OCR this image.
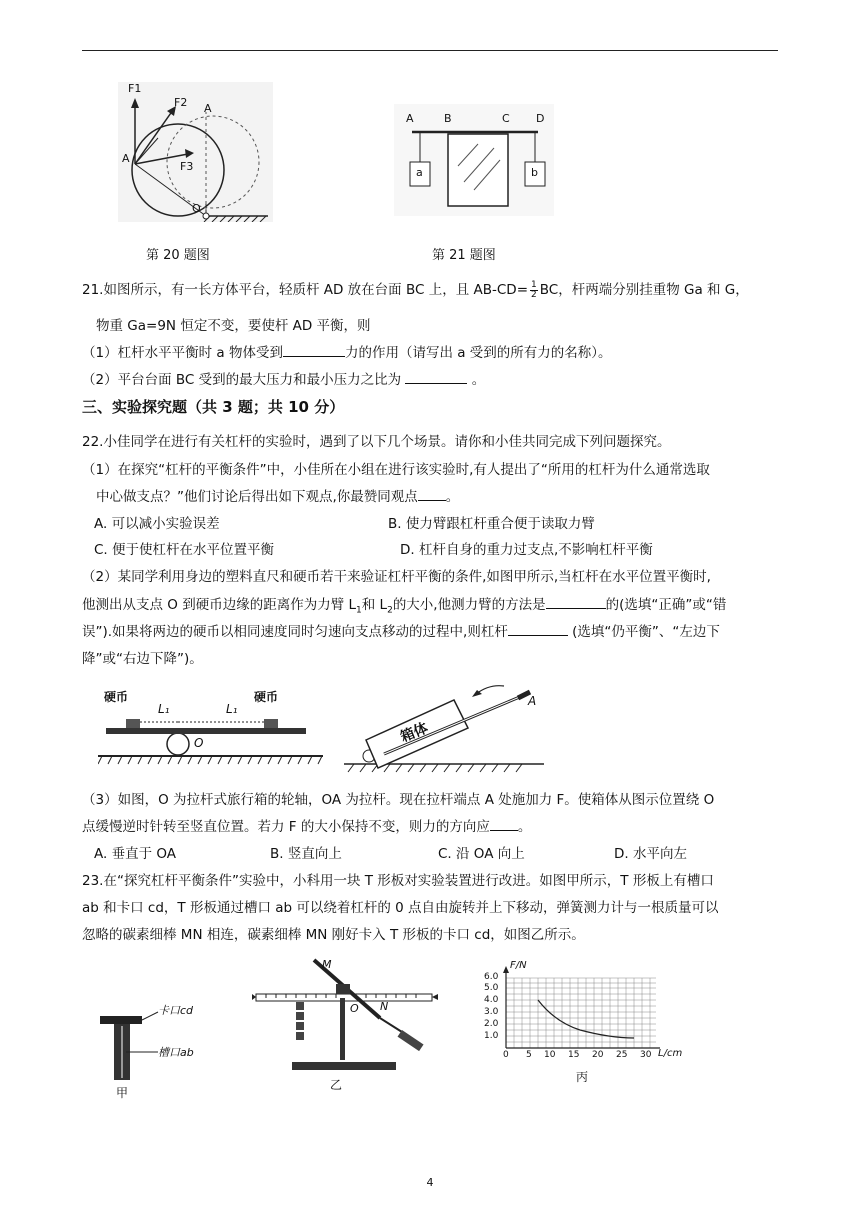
F1
F2
F3
A
A
O
第 20 题图
A	B	C D
a	b
第 21 题图
21.如图所示，有一长方体平台，轻质杆 AD 放在台面 BC 上，且 $AB-CD= \frac{1}{2}$ BC，杆两端分别挂重物 Ga 和 G，
物重 Ga=9N 恒定不变，要使杆 AD 平衡，则
（1）杠杆水平平衡时 a 物体受到	力的作用（请写出 a 受到的所有力的名称）。
（2）平台台面 BC 受到的最大压力和最小压力之比为	。
三、实验探究题（共 3 题；共 10 分）
22.小佳同学在进行有关杠杆的实验时，遇到了以下几个场景。请你和小佳共同完成下列问题探究。
（1）在探究“杠杆的平衡条件”中，小佳所在小组在进行该实验时,有人提出了“所用的杠杆为什么通常选取
中心做支点？”他们讨论后得出如下观点,你最赞同观点 。
A. 可以减小实验误差	B. 使力臂跟杠杆重合便于读取力臂
C. 便于使杠杆在水平位置平衡	D. 杠杆自身的重力过支点,不影响杠杆平衡
（2）某同学利用身边的塑料直尺和硬币若干来验证杠杆平衡的条件,如图甲所示,当杠杆在水平位置平衡时,
他测出从支点 O 到硬币边缘的距离作为力臂 $L_1$和 $L_2$的大小,他测力臂的方法是	的(选填“正确”或“错
误”).如果将两边的硬币以相同速度同时匀速向支点移动的过程中,则杠杆	(选填“仍平衡”、“左边下
降”或“右边下降”)。
硬币	硬币
L₁	L₁
O	箱体
A
（3）如图，O 为拉杆式旅行箱的轮轴，OA 为拉杆。现在拉杆端点 A 处施加力 F。使箱体从图示位置绕 O
点缓慢逆时针转至竖直位置。若力 F 的大小保持不变，则力的方向应 。
A. 垂直于 OA	B. 竖直向上	C. 沿 OA 向上	D. 水平向左
23.在“探究杠杆平衡条件”实验中，小科用一块 T 形板对实验装置进行改进。如图甲所示，T 形板上有槽口
ab 和卡口 cd，T 形板通过槽口 ab 可以绕着杠杆的 0 点自由旋转并上下移动，弹簧测力计与一根质量可以
忽略的碳素细棒 MN 相连，碳素细棒 MN 刚好卡入 T 形板的卡口 cd，如图乙所示。
卡口cd
槽口ab
甲
M
O N
乙
F/N
6.0
5.0
4.0
3.0
2.0
1.0
0 5 10 15 20 25 30 L/cm
丙
4
